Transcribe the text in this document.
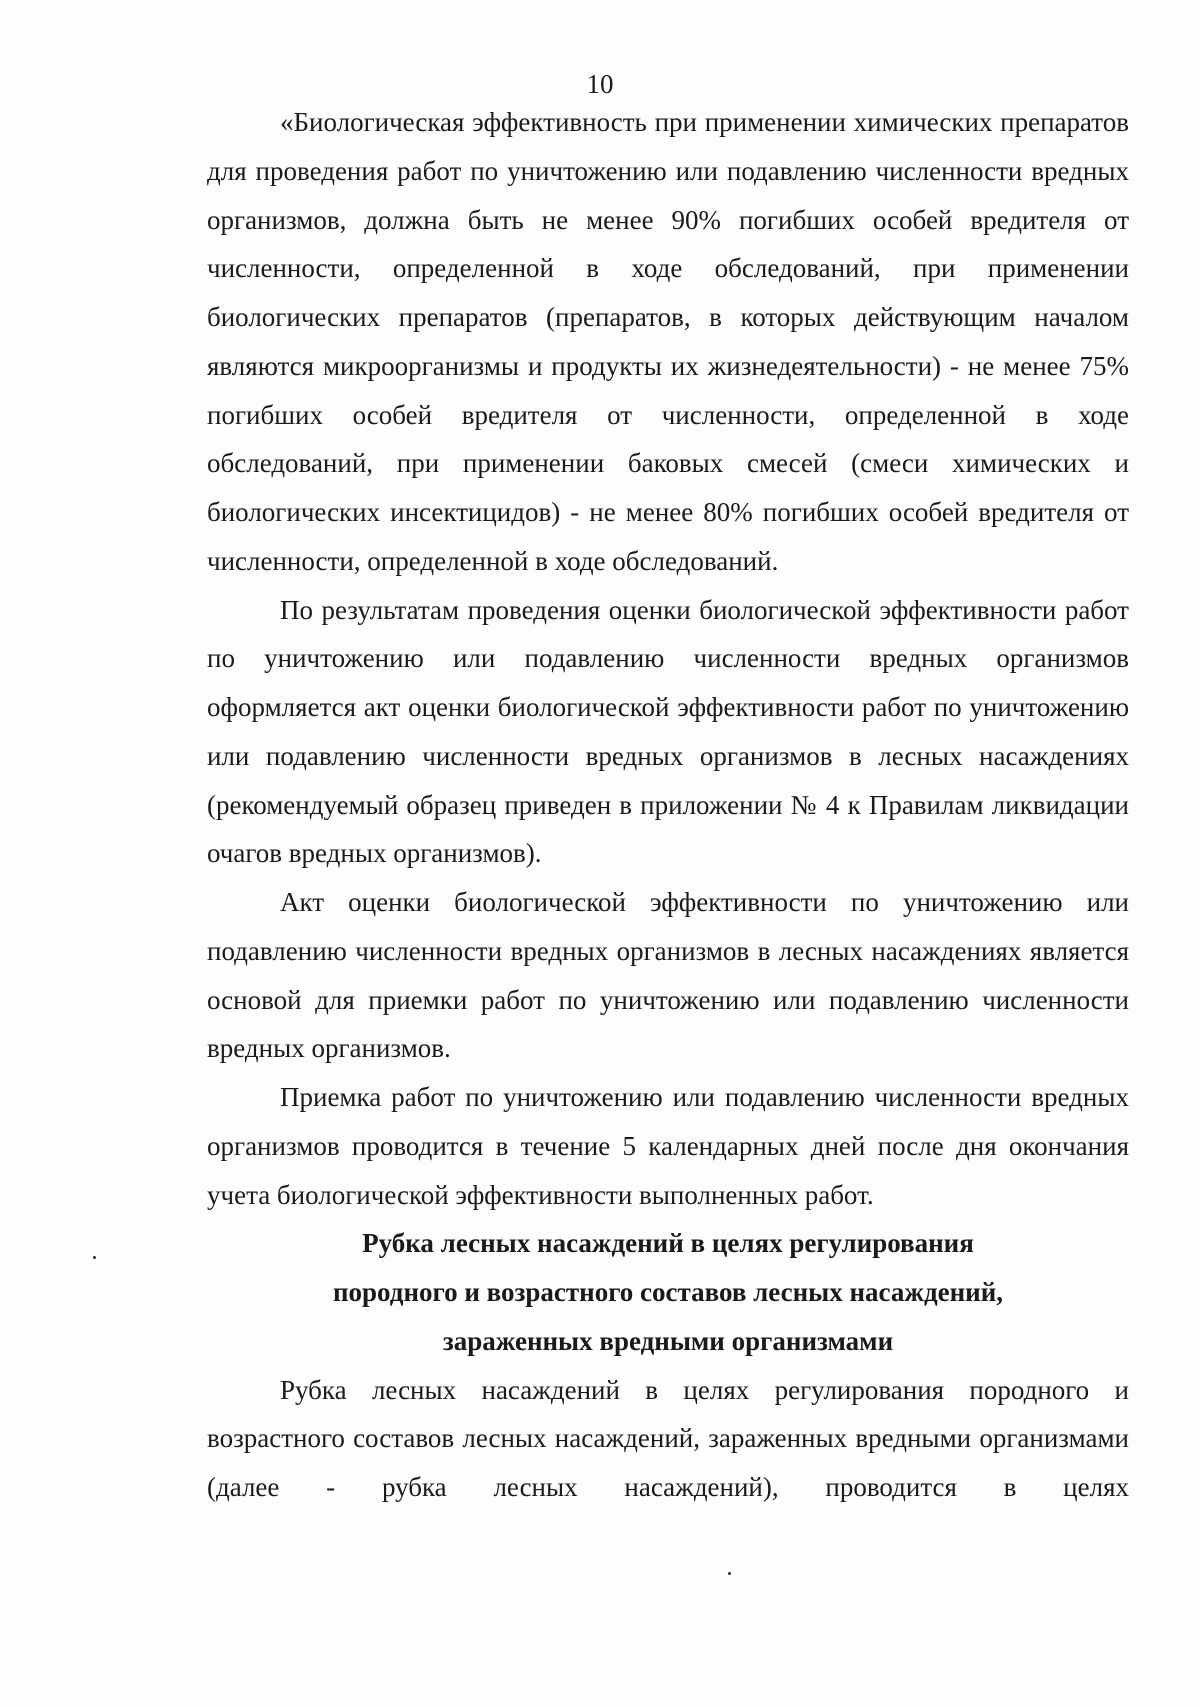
10

«Биологическая эффективность при применении химических препаратов для проведения работ по уничтожению или подавлению численности вредных организмов, должна быть не менее 90% погибших особей вредителя от численности, определенной в ходе обследований, при применении биологических препаратов (препаратов, в которых действующим началом являются микроорганизмы и продукты их жизнедеятельности) - не менее 75% погибших особей вредителя от численности, определенной в ходе обследований, при применении баковых смесей (смеси химических и биологических инсектицидов) - не менее 80% погибших особей вредителя от численности, определенной в ходе обследований.

По результатам проведения оценки биологической эффективности работ по уничтожению или подавлению численности вредных организмов оформляется акт оценки биологической эффективности работ по уничтожению или подавлению численности вредных организмов в лесных насаждениях (рекомендуемый образец приведен в приложении № 4 к Правилам ликвидации очагов вредных организмов).

Акт оценки биологической эффективности по уничтожению или подавлению численности вредных организмов в лесных насаждениях является основой для приемки работ по уничтожению или подавлению численности вредных организмов.

Приемка работ по уничтожению или подавлению численности вредных организмов проводится в течение 5 календарных дней после дня окончания учета биологической эффективности выполненных работ.

Рубка лесных насаждений в целях регулирования

породного и возрастного составов лесных насаждений,

зараженных вредными организмами

Рубка лесных насаждений в целях регулирования породного и возрастного составов лесных насаждений, зараженных вредными организмами (далее - рубка лесных насаждений), проводится в целях
